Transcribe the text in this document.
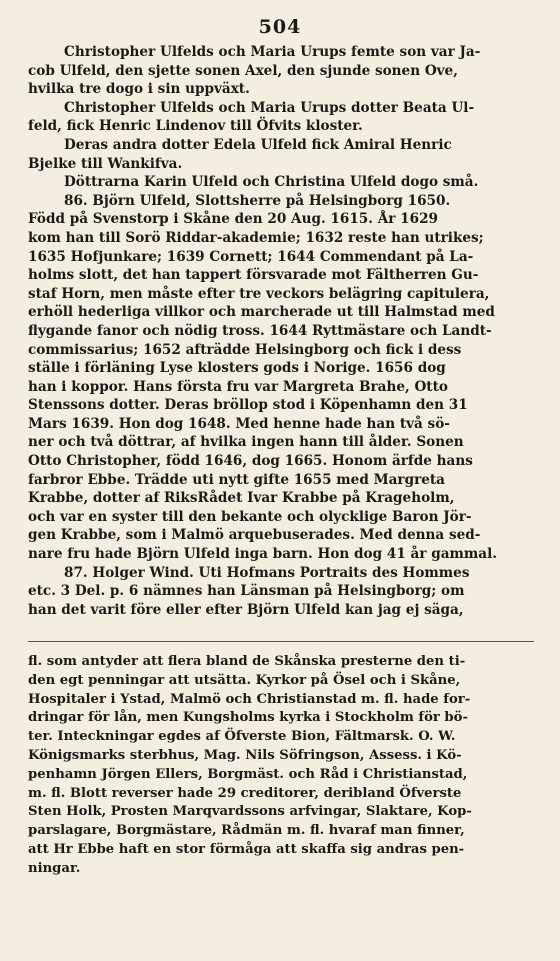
504
Christopher Ulfelds och Maria Urups femte son var Ja-
cob Ulfeld, den sjette sonen Axel, den sjunde sonen Ove,
hvilka tre dogo i sin uppväxt.
Christopher Ulfelds och Maria Urups dotter Beata Ul-
feld, fick Henric Lindenov till Öfvits kloster.
Deras andra dotter Edela Ulfeld fick Amiral Henric
Bjelke till Wankifva.
Döttrarna Karin Ulfeld och Christina Ulfeld dogo små.
86. Björn Ulfeld, Slottsherre på Helsingborg 1650.
Född på Svenstorp i Skåne den 20 Aug. 1615. År 1629
kom han till Sorö Riddar-akademie; 1632 reste han utrikes;
1635 Hofjunkare; 1639 Cornett; 1644 Commendant på La-
holms slott, det han tappert försvarade mot Fältherren Gu-
staf Horn, men måste efter tre veckors belägring capitulera,
erhöll hederliga villkor och marcherade ut till Halmstad med
flygande fanor och nödig tross. 1644 Ryttmästare och Landt-
commissarius; 1652 afträdde Helsingborg och fick i dess
ställe i förläning Lyse klosters gods i Norige. 1656 dog
han i koppor. Hans första fru var Margreta Brahe, Otto
Stenssons dotter. Deras bröllop stod i Köpenhamn den 31
Mars 1639. Hon dog 1648. Med henne hade han två sö-
ner och två döttrar, af hvilka ingen hann till ålder. Sonen
Otto Christopher, född 1646, dog 1665. Honom ärfde hans
farbror Ebbe. Trädde uti nytt gifte 1655 med Margreta
Krabbe, dotter af RiksRådet Ivar Krabbe på Krageholm,
och var en syster till den bekante och olycklige Baron Jör-
gen Krabbe, som i Malmö arquebuserades. Med denna sed-
nare fru hade Björn Ulfeld inga barn. Hon dog 41 år gammal.
87. Holger Wind. Uti Hofmans Portraits des Hommes
etc. 3 Del. p. 6 nämnes han Länsman på Helsingborg; om
han det varit före eller efter Björn Ulfeld kan jag ej säga,
fl. som antyder att flera bland de Skånska presterne den ti-
den egt penningar att utsätta. Kyrkor på Ösel och i Skåne,
Hospitaler i Ystad, Malmö och Christianstad m. fl. hade for-
dringar för lån, men Kungsholms kyrka i Stockholm för bö-
ter. Inteckningar egdes af Öfverste Bion, Fältmarsk. O. W.
Königsmarks sterbhus, Mag. Nils Söfringson, Assess. i Kö-
penhamn Jörgen Ellers, Borgmäst. och Råd i Christianstad,
m. fl. Blott reverser hade 29 creditorer, deribland Öfverste
Sten Holk, Prosten Marqvardssons arfvingar, Slaktare, Kop-
parslagare, Borgmästare, Rådmän m. fl. hvaraf man finner,
att Hr Ebbe haft en stor förmåga att skaffa sig andras pen-
ningar.
